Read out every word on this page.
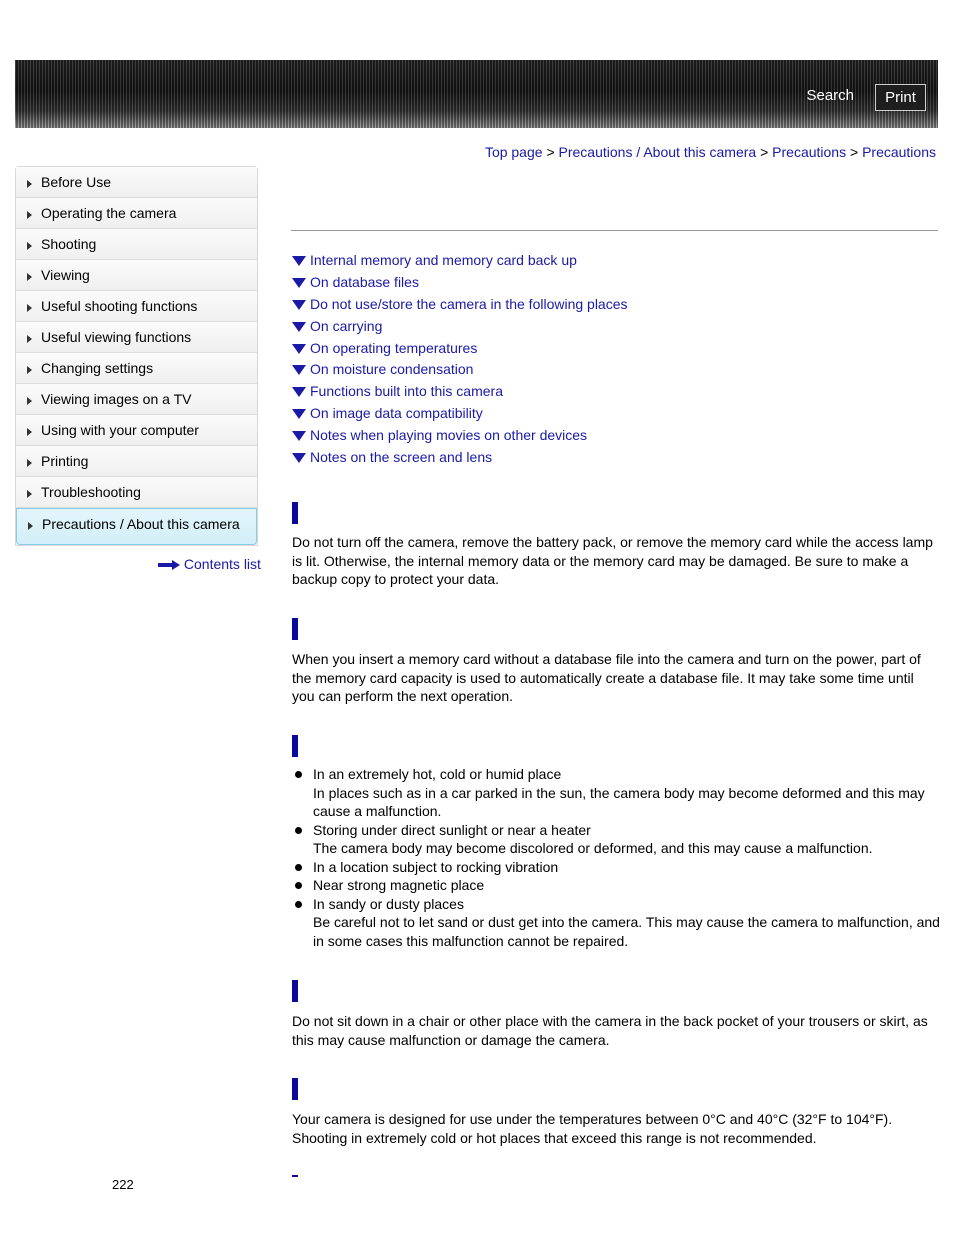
Search	Print
Top page > Precautions / About this camera > Precautions > Precautions
Before Use
Operating the camera
Shooting
Viewing
Useful shooting functions
Useful viewing functions
Changing settings
Viewing images on a TV
Using with your computer
Printing
Troubleshooting
Precautions / About this camera
Contents list
222
Internal memory and memory card back up
On database files
Do not use/store the camera in the following places
On carrying
On operating temperatures
On moisture condensation
Functions built into this camera
On image data compatibility
Notes when playing movies on other devices
Notes on the screen and lens

Do not turn off the camera, remove the battery pack, or remove the memory card while the access lamp is lit. Otherwise, the internal memory data or the memory card may be damaged. Be sure to make a backup copy to protect your data.

When you insert a memory card without a database file into the camera and turn on the power, part of the memory card capacity is used to automatically create a database file. It may take some time until you can perform the next operation.

In an extremely hot, cold or humid place
In places such as in a car parked in the sun, the camera body may become deformed and this may cause a malfunction.
Storing under direct sunlight or near a heater
The camera body may become discolored or deformed, and this may cause a malfunction.
In a location subject to rocking vibration
Near strong magnetic place
In sandy or dusty places
Be careful not to let sand or dust get into the camera. This may cause the camera to malfunction, and in some cases this malfunction cannot be repaired.

Do not sit down in a chair or other place with the camera in the back pocket of your trousers or skirt, as this may cause malfunction or damage the camera.

Your camera is designed for use under the temperatures between 0°C and 40°C (32°F to 104°F). Shooting in extremely cold or hot places that exceed this range is not recommended.
